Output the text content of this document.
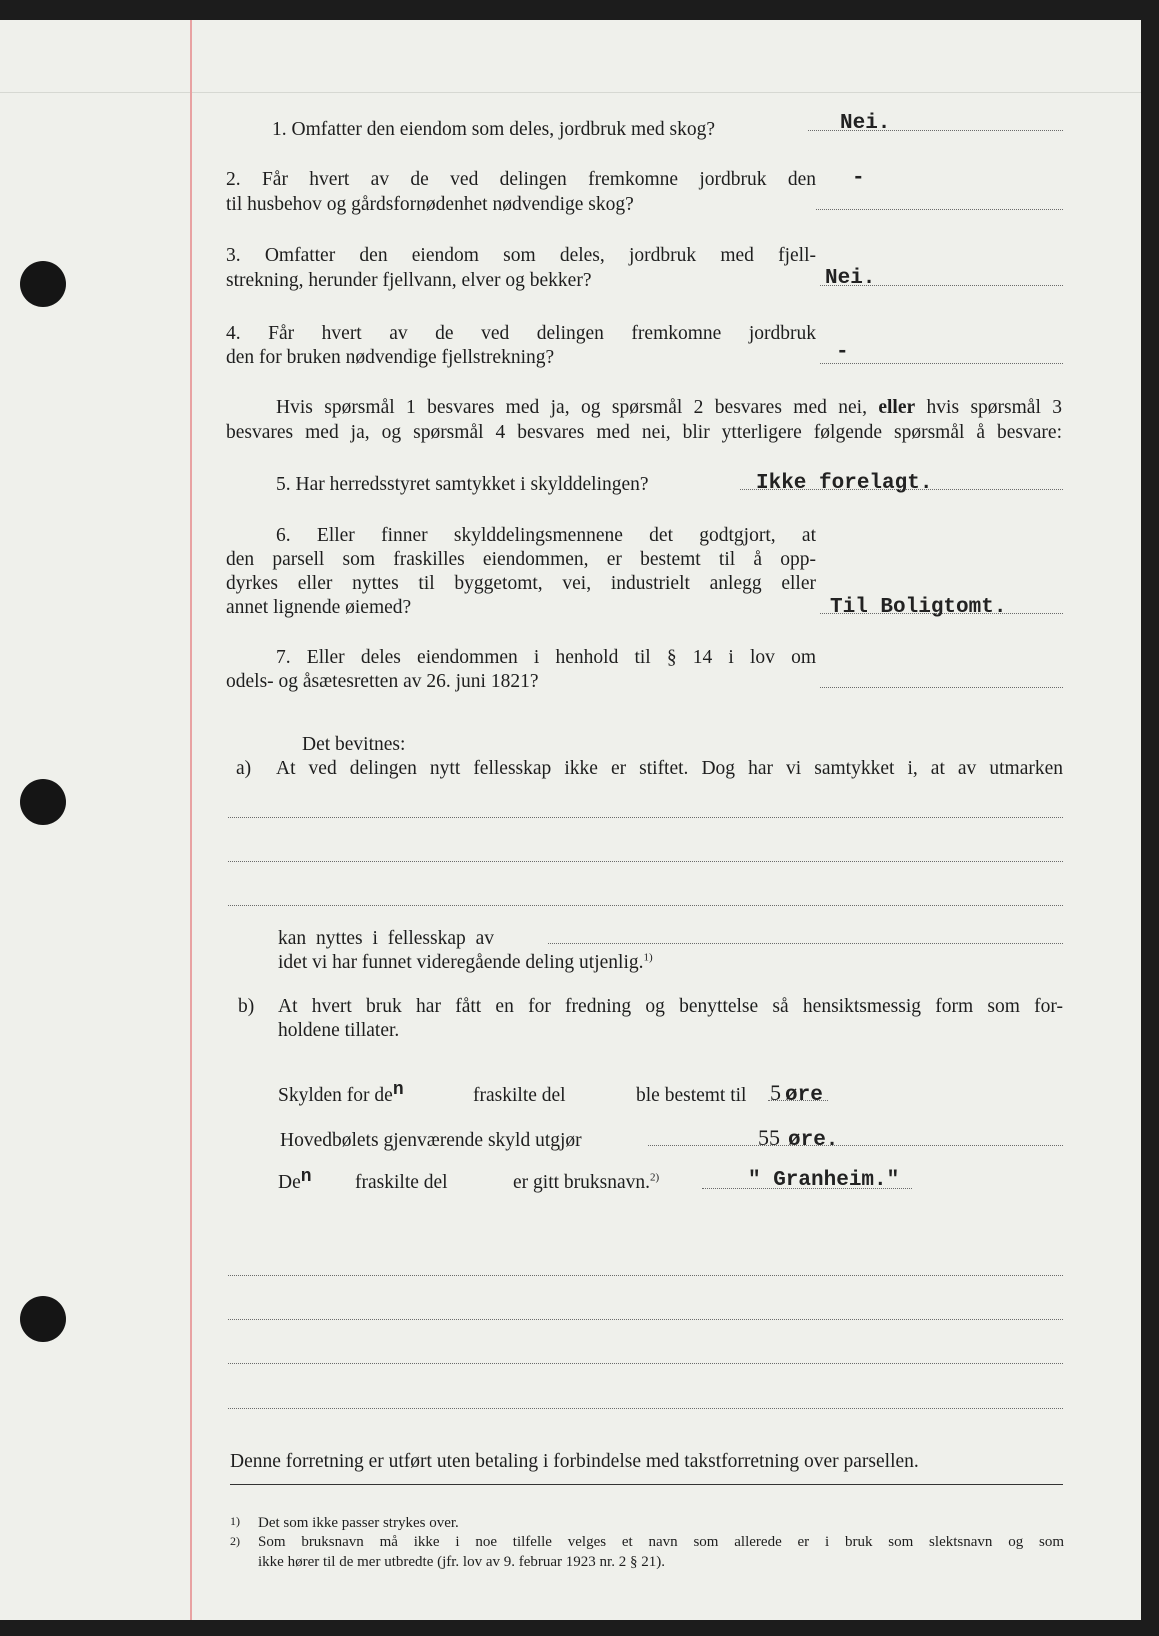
1. Omfatter den eiendom som deles, jordbruk med skog?	Nei.
2. Får hvert av de ved delingen fremkomne jordbruk den
til husbehov og gårdsfornødenhet nødvendige skog?
-
3. Omfatter den eiendom som deles, jordbruk med fjell-
strekning, herunder fjellvann, elver og bekker?	Nei.
4. Får hvert av de ved delingen fremkomne jordbruk
den for bruken nødvendige fjellstrekning?	-
Hvis spørsmål 1 besvares med ja, og spørsmål 2 besvares med nei, eller hvis spørsmål 3
besvares med ja, og spørsmål 4 besvares med nei, blir ytterligere følgende spørsmål å besvare:
5. Har herredsstyret samtykket i skylddelingen?	Ikke forelagt.
6. Eller finner skylddelingsmennene det godtgjort, at
den parsell som fraskilles eiendommen, er bestemt til å opp-
dyrkes eller nyttes til byggetomt, vei, industrielt anlegg eller
annet lignende øiemed?	Til Boligtomt.
7. Eller deles eiendommen i henhold til § 14 i lov om
odels- og åsætesretten av 26. juni 1821?
Det bevitnes:
a) At ved delingen nytt fellesskap ikke er stiftet. Dog har vi samtykket i, at av utmarken
kan nyttes i fellesskap av
idet vi har funnet videregående deling utjenlig.$^{1)}$
b) At hvert bruk har fått en for fredning og benyttelse så hensiktsmessig form som for-
holdene tillater.
Skylden for den	fraskilte del	ble bestemt til 5 øre
Hovedbølets gjenværende skyld utgjør	55 øre.
Den fraskilte del	er gitt bruksnavn.$^{2)}$	" Granheim."
Denne forretning er utført uten betaling i forbindelse med takstforretning over parsellen.
1) Det som ikke passer strykes over.
2) Som bruksnavn må ikke i noe tilfelle velges et navn som allerede er i bruk som slektsnavn og som
ikke hører til de mer utbredte (jfr. lov av 9. februar 1923 nr. 2 § 21).
